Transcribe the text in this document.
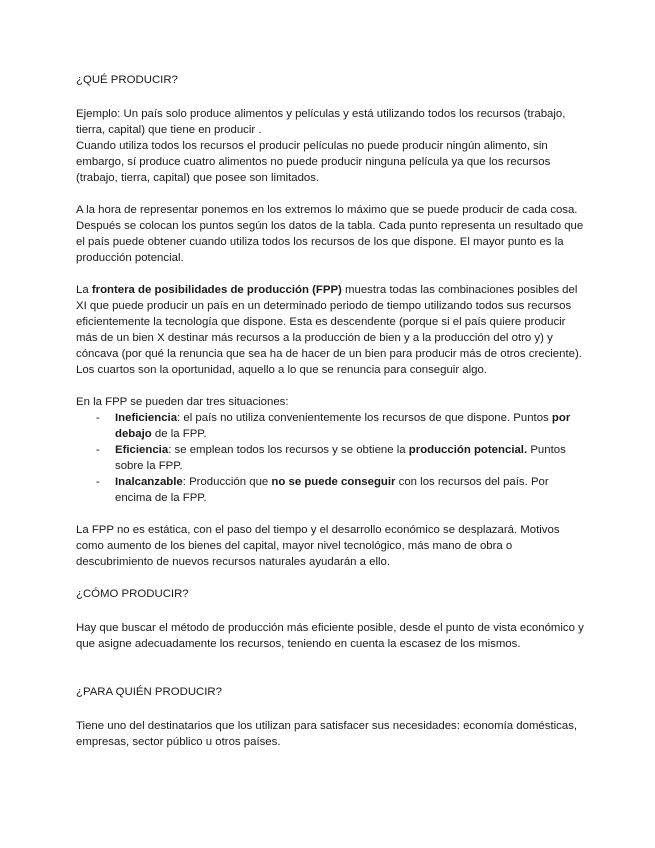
¿QUÉ PRODUCIR?

Ejemplo: Un país solo produce alimentos y películas y está utilizando todos los recursos (trabajo, tierra, capital) que tiene en producir .

Cuando utiliza todos los recursos el producir películas no puede producir ningún alimento, sin embargo, sí produce cuatro alimentos no puede producir ninguna película ya que los recursos (trabajo, tierra, capital) que posee son limitados.

A la hora de representar ponemos en los extremos lo máximo que se puede producir de cada cosa. Después se colocan los puntos según los datos de la tabla. Cada punto representa un resultado que el país puede obtener cuando utiliza todos los recursos de los que dispone. El mayor punto es la producción potencial.

La frontera de posibilidades de producción (FPP) muestra todas las combinaciones posibles del XI que puede producir un país en un determinado periodo de tiempo utilizando todos sus recursos eficientemente la tecnología que dispone. Esta es descendente (porque si el país quiere producir más de un bien X destinar más recursos a la producción de bien y a la producción del otro y) y cóncava (por qué la renuncia que sea ha de hacer de un bien para producir más de otros creciente).

Los cuartos son la oportunidad, aquello a lo que se renuncia para conseguir algo.

En la FPP se pueden dar tres situaciones:

- Ineficiencia: el país no utiliza convenientemente los recursos de que dispone. Puntos por debajo de la FPP.
- Eficiencia: se emplean todos los recursos y se obtiene la producción potencial. Puntos sobre la FPP.
- Inalcanzable: Producción que no se puede conseguir con los recursos del país. Por encima de la FPP.

La FPP no es estática, con el paso del tiempo y el desarrollo económico se desplazará. Motivos como aumento de los bienes del capital, mayor nivel tecnológico, más mano de obra o descubrimiento de nuevos recursos naturales ayudarán a ello.

¿CÓMO PRODUCIR?

Hay que buscar el método de producción más eficiente posible, desde el punto de vista económico y que asigne adecuadamente los recursos, teniendo en cuenta la escasez de los mismos.

¿PARA QUIÉN PRODUCIR?

Tiene uno del destinatarios que los utilizan para satisfacer sus necesidades: economía domésticas, empresas, sector público u otros países.
